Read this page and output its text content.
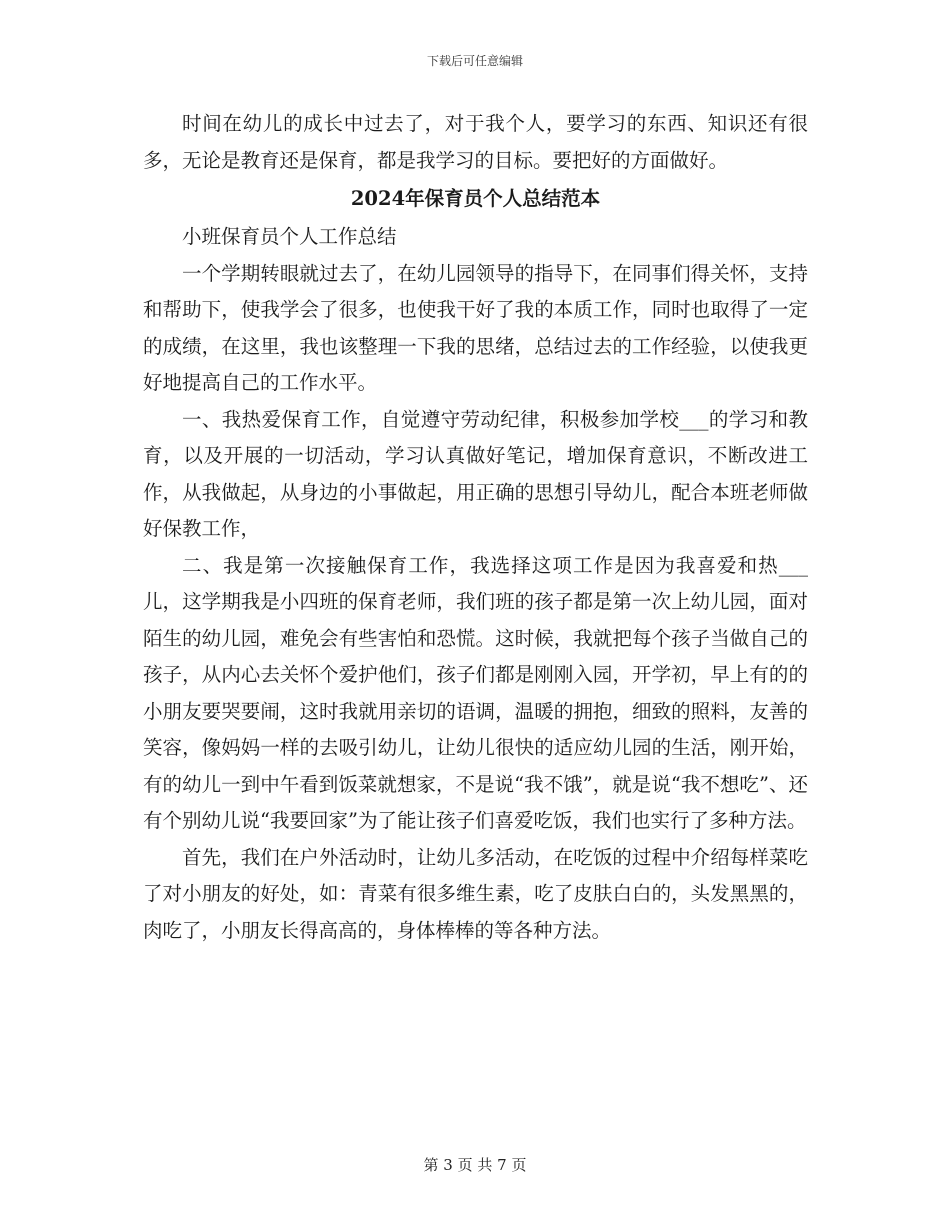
下载后可任意编辑

时间在幼儿的成长中过去了，对于我个人，要学习的东西、知识还有很多，无论是教育还是保育，都是我学习的目标。要把好的方面做好。

2024年保育员个人总结范本

小班保育员个人工作总结

一个学期转眼就过去了，在幼儿园领导的指导下，在同事们得关怀，支持和帮助下，使我学会了很多，也使我干好了我的本质工作，同时也取得了一定的成绩，在这里，我也该整理一下我的思绪，总结过去的工作经验，以使我更好地提高自己的工作水平。

一、我热爱保育工作，自觉遵守劳动纪律，积极参加学校___的学习和教育，以及开展的一切活动，学习认真做好笔记，增加保育意识，不断改进工作，从我做起，从身边的小事做起，用正确的思想引导幼儿，配合本班老师做好保教工作，

二、我是第一次接触保育工作，我选择这项工作是因为我喜爱和热___儿，这学期我是小四班的保育老师，我们班的孩子都是第一次上幼儿园，面对陌生的幼儿园，难免会有些害怕和恐慌。这时候，我就把每个孩子当做自己的孩子，从内心去关怀个爱护他们，孩子们都是刚刚入园，开学初，早上有的的小朋友要哭要闹，这时我就用亲切的语调，温暖的拥抱，细致的照料，友善的笑容，像妈妈一样的去吸引幼儿，让幼儿很快的适应幼儿园的生活，刚开始，有的幼儿一到中午看到饭菜就想家，不是说“我不饿”，就是说“我不想吃”、还有个别幼儿说“我要回家”为了能让孩子们喜爱吃饭，我们也实行了多种方法。

首先，我们在户外活动时，让幼儿多活动，在吃饭的过程中介绍每样菜吃了对小朋友的好处，如：青菜有很多维生素，吃了皮肤白白的，头发黑黑的，肉吃了，小朋友长得高高的，身体棒棒的等各种方法。

第 3 页 共 7 页
